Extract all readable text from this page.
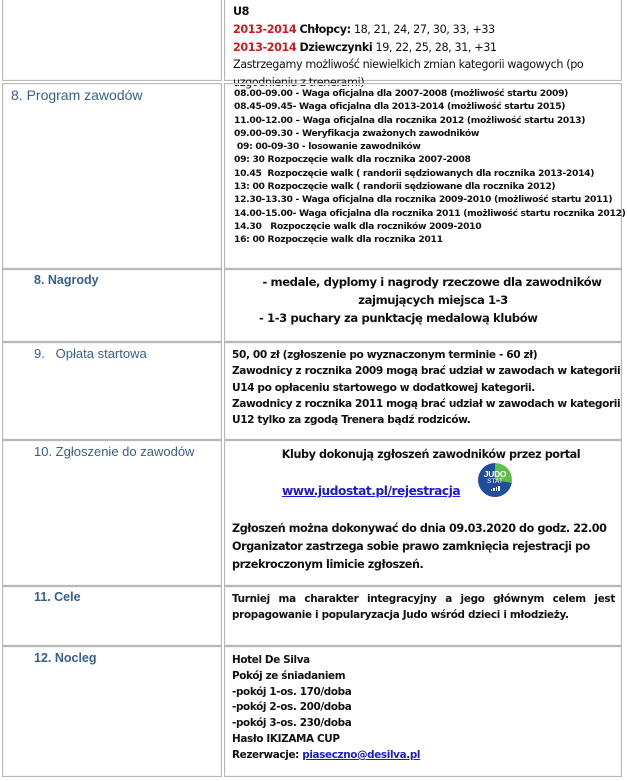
U8
2013-2014 Chłopcy: 18, 21, 24, 27, 30, 33, +33
2013-2014 Dziewczynki 19, 22, 25, 28, 31, +31
Zastrzegamy możliwość niewielkich zmian kategorii wagowych (po
uzgodnieniu z trenerami)
8. Program zawodów	08.00-09.00 - Waga oficjalna dla 2007-2008 (możliwość startu 2009)
08.45-09.45- Waga oficjalna dla 2013-2014 (możliwość startu 2015)
11.00-12.00 – Waga oficjalna dla rocznika 2012 (możliwość startu 2013)
09.00-09.30 - Weryfikacja zważonych zawodników
09: 00-09-30 - losowanie zawodników
09: 30 Rozpoczęcie walk dla rocznika 2007-2008
10.45  Rozpoczęcie walk ( randorii sędziowanych dla rocznika 2013-2014)
13: 00 Rozpoczęcie walk ( randorii sędziowane dla rocznika 2012)
12.30-13.30 - Waga oficjalna dla rocznika 2009-2010 (możliwość startu 2011)
14.00-15.00- Waga oficjalna dla rocznika 2011 (możliwość startu rocznika 2012)
14.30   Rozpoczęcie walk dla roczników 2009-2010
16: 00 Rozpoczęcie walk dla rocznika 2011
8. Nagrody	- medale, dyplomy i nagrody rzeczowe dla zawodników
zajmujących miejsca 1-3
- 1-3 puchary za punktację medalową klubów
9.   Opłata startowa	50, 00 zł (zgłoszenie po wyznaczonym terminie - 60 zł)
Zawodnicy z rocznika 2009 mogą brać udział w zawodach w kategorii
U14 po opłaceniu startowego w dodatkowej kategorii.
Zawodnicy z rocznika 2011 mogą brać udział w zawodach w kategorii
U12 tylko za zgodą Trenera bądź rodziców.
10. Zgłoszenie do zawodów	Kluby dokonują zgłoszeń zawodników przez portal
www.judostat.pl/rejestracja
JUDO
STAT
Zgłoszeń można dokonywać do dnia 09.03.2020 do godz. 22.00
Organizator zastrzega sobie prawo zamknięcia rejestracji po
przekroczonym limicie zgłoszeń.
11. Cele	Turniej ma charakter integracyjny a jego głównym celem jest propagowanie i popularyzacja Judo wśród dzieci i młodzieży.
12. Nocleg	Hotel De Silva
Pokój ze śniadaniem
-pokój 1-os. 170/doba
-pokój 2-os. 200/doba
-pokój 3-os. 230/doba
Hasło IKIZAMA CUP
Rezerwacje: piaseczno@desilva.pl
